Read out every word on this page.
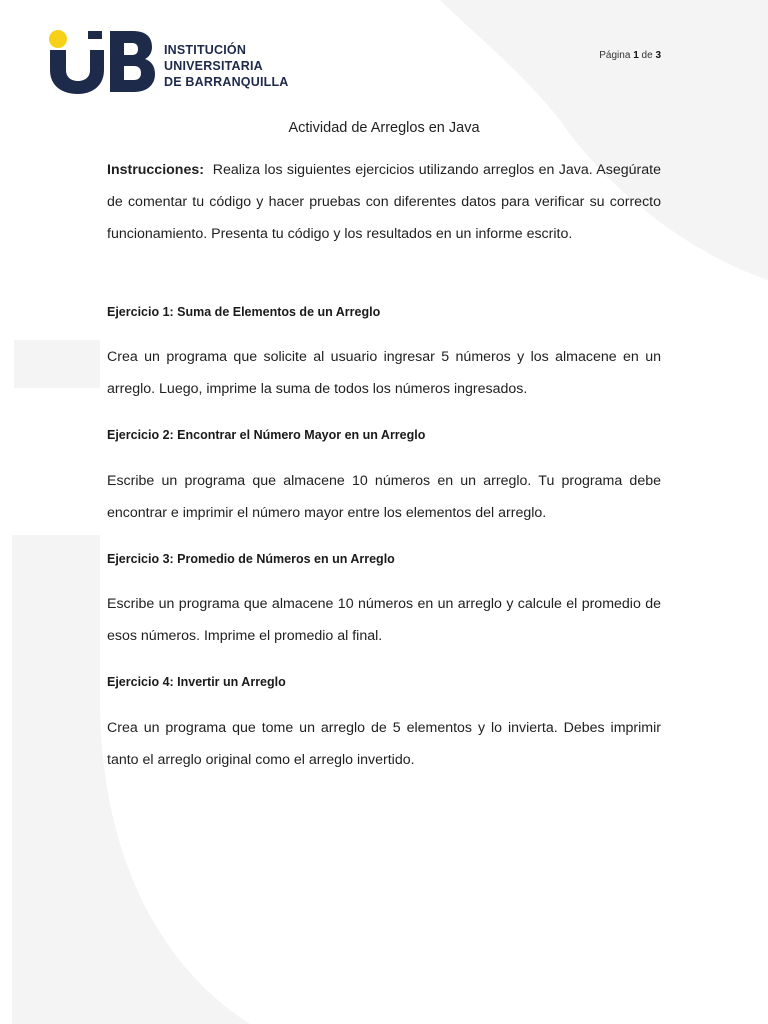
INSTITUCIÓN
UNIVERSITARIA
DE BARRANQUILLA
Página 1 de 3
Actividad de Arreglos en Java

Instrucciones: Realiza los siguientes ejercicios utilizando arreglos en Java. Asegúrate de comentar tu código y hacer pruebas con diferentes datos para verificar su correcto funcionamiento. Presenta tu código y los resultados en un informe escrito.

Ejercicio 1: Suma de Elementos de un Arreglo

Crea un programa que solicite al usuario ingresar 5 números y los almacene en un arreglo. Luego, imprime la suma de todos los números ingresados.

Ejercicio 2: Encontrar el Número Mayor en un Arreglo

Escribe un programa que almacene 10 números en un arreglo. Tu programa debe encontrar e imprimir el número mayor entre los elementos del arreglo.

Ejercicio 3: Promedio de Números en un Arreglo

Escribe un programa que almacene 10 números en un arreglo y calcule el promedio de esos números. Imprime el promedio al final.

Ejercicio 4: Invertir un Arreglo

Crea un programa que tome un arreglo de 5 elementos y lo invierta. Debes imprimir tanto el arreglo original como el arreglo invertido.
